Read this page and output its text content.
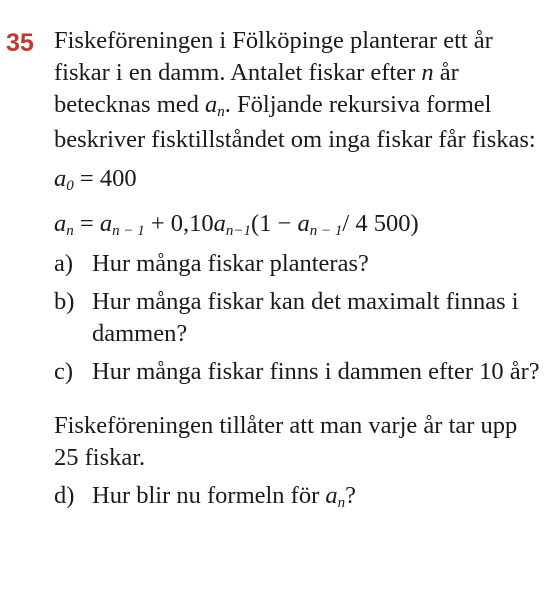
35 Fiskeföreningen i Fölköpinge planterar ett år fiskar i en damm. Antalet fiskar efter n år betecknas med $a_n$. Följande rekursiva formel beskriver fisktillståndet om inga fiskar får fiskas:

$a_0 = 400$
$a_n = a_{n - 1} + 0,10a_{n-1}(1 - a_{n - 1}/$ 4 500)
a) Hur många fiskar planteras?
b) Hur många fiskar kan det maximalt finnas i dammen?
c) Hur många fiskar finns i dammen efter 10 år?

Fiskeföreningen tillåter att man varje år tar upp 25 fiskar.

d) Hur blir nu formeln för $a_n$?
